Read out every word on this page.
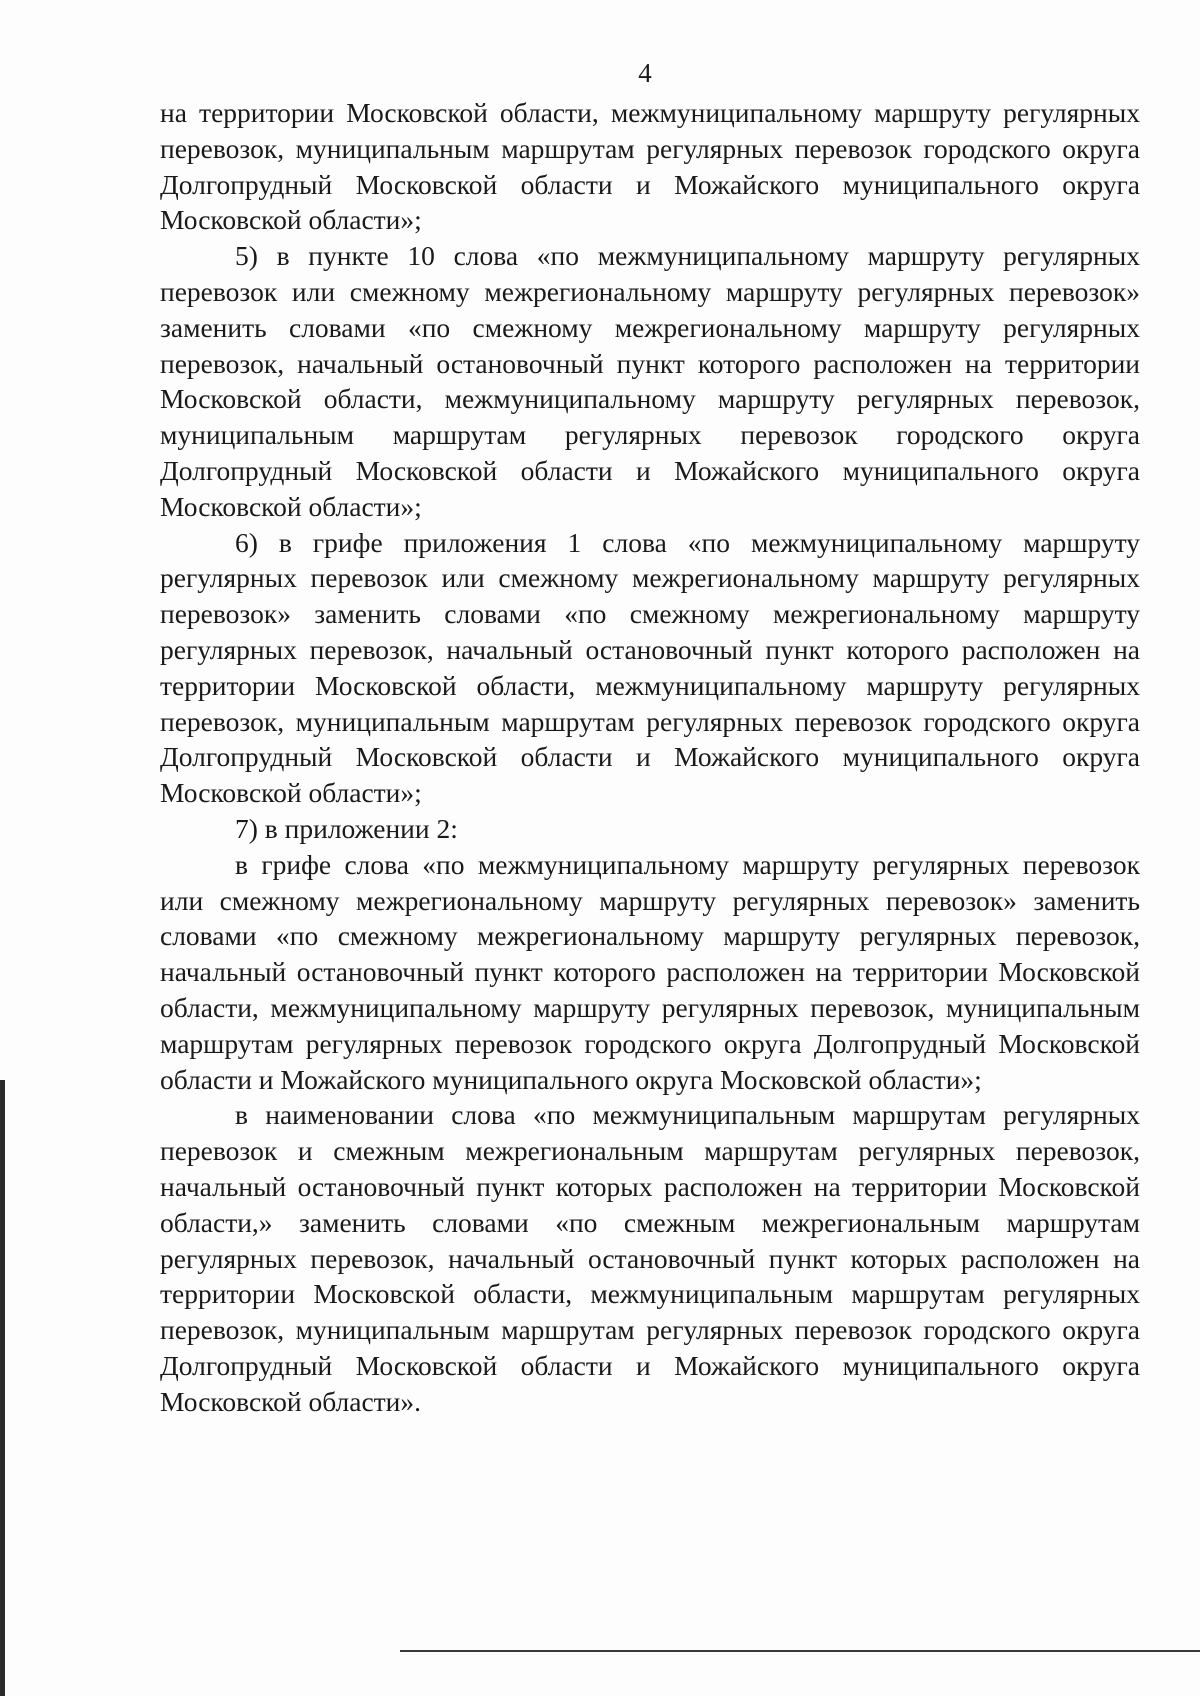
4

на территории Московской области, межмуниципальному маршруту регулярных перевозок, муниципальным маршрутам регулярных перевозок городского округа Долгопрудный Московской области и Можайского муниципального округа Московской области»;

5) в пункте 10 слова «по межмуниципальному маршруту регулярных перевозок или смежному межрегиональному маршруту регулярных перевозок» заменить словами «по смежному межрегиональному маршруту регулярных перевозок, начальный остановочный пункт которого расположен на территории Московской области, межмуниципальному маршруту регулярных перевозок, муниципальным маршрутам регулярных перевозок городского округа Долгопрудный Московской области и Можайского муниципального округа Московской области»;

6) в грифе приложения 1 слова «по межмуниципальному маршруту регулярных перевозок или смежному межрегиональному маршруту регулярных перевозок» заменить словами «по смежному межрегиональному маршруту регулярных перевозок, начальный остановочный пункт которого расположен на территории Московской области, межмуниципальному маршруту регулярных перевозок, муниципальным маршрутам регулярных перевозок городского округа Долгопрудный Московской области и Можайского муниципального округа Московской области»;

7) в приложении 2:

в грифе слова «по межмуниципальному маршруту регулярных перевозок или смежному межрегиональному маршруту регулярных перевозок» заменить словами «по смежному межрегиональному маршруту регулярных перевозок, начальный остановочный пункт которого расположен на территории Московской области, межмуниципальному маршруту регулярных перевозок, муниципальным маршрутам регулярных перевозок городского округа Долгопрудный Московской области и Можайского муниципального округа Московской области»;

в наименовании слова «по межмуниципальным маршрутам регулярных перевозок и смежным межрегиональным маршрутам регулярных перевозок, начальный остановочный пункт которых расположен на территории Московской области,» заменить словами «по смежным межрегиональным маршрутам регулярных перевозок, начальный остановочный пункт которых расположен на территории Московской области, межмуниципальным маршрутам регулярных перевозок, муниципальным маршрутам регулярных перевозок городского округа Долгопрудный Московской области и Можайского муниципального округа Московской области».
